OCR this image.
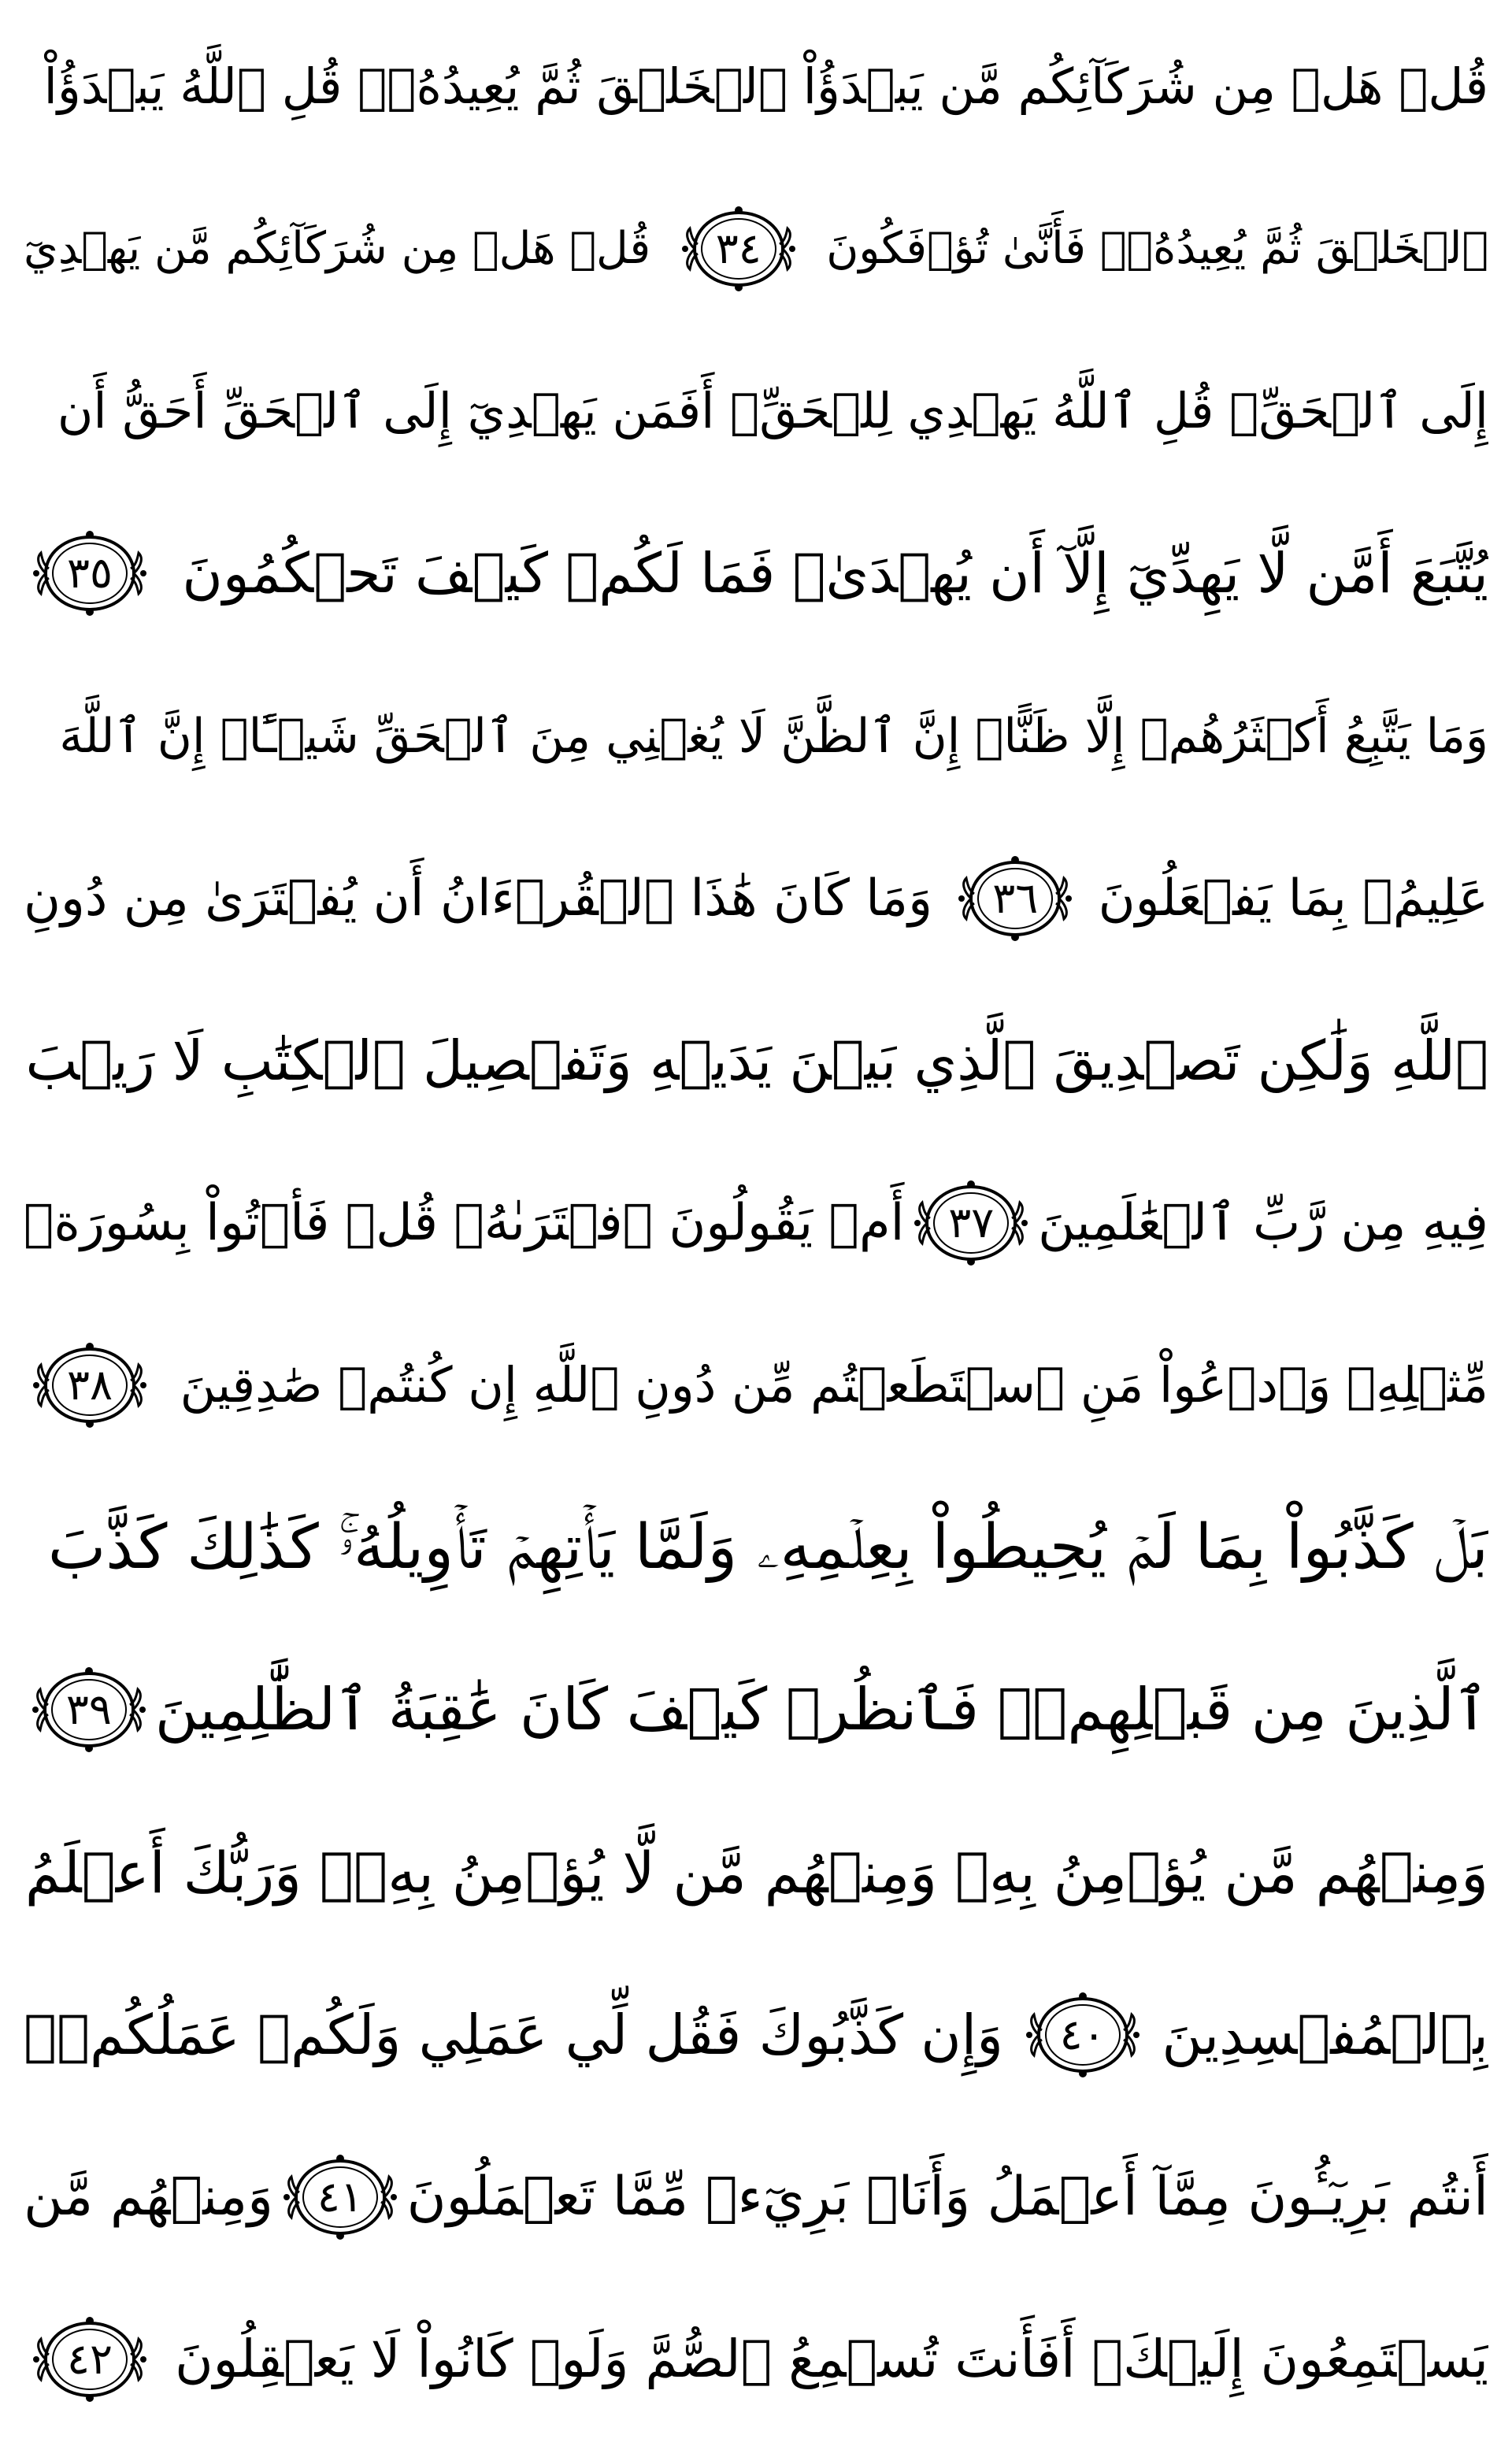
قُلۡ هَلۡ مِن شُرَكَآئِكُم مَّن يَبۡدَؤُاْ ٱلۡخَلۡقَ ثُمَّ يُعِيدُهُۥۚ قُلِ ٱللَّهُ يَبۡدَؤُاْ
ٱلۡخَلۡقَ ثُمَّ يُعِيدُهُۥۖ فَأَنَّىٰ تُؤۡفَكُونَ
٣٤
قُلۡ هَلۡ مِن شُرَكَآئِكُم مَّن يَهۡدِيٓ
إِلَى ٱلۡحَقِّۚ قُلِ ٱللَّهُ يَهۡدِي لِلۡحَقِّۗ أَفَمَن يَهۡدِيٓ إِلَى ٱلۡحَقِّ أَحَقُّ أَن
يُتَّبَعَ أَمَّن لَّا يَهِدِّيٓ إِلَّآ أَن يُهۡدَىٰۖ فَمَا لَكُمۡ كَيۡفَ تَحۡكُمُونَ
٣٥
وَمَا يَتَّبِعُ أَكۡثَرُهُمۡ إِلَّا ظَنًّاۚ إِنَّ ٱلظَّنَّ لَا يُغۡنِي مِنَ ٱلۡحَقِّ شَيۡـًٔاۚ إِنَّ ٱللَّهَ
عَلِيمُۢ بِمَا يَفۡعَلُونَ
٣٦
وَمَا كَانَ هَٰذَا ٱلۡقُرۡءَانُ أَن يُفۡتَرَىٰ مِن دُونِ
ٱللَّهِ وَلَٰكِن تَصۡدِيقَ ٱلَّذِي بَيۡنَ يَدَيۡهِ وَتَفۡصِيلَ ٱلۡكِتَٰبِ لَا رَيۡبَ
فِيهِ مِن رَّبِّ ٱلۡعَٰلَمِينَ
٣٧
أَمۡ يَقُولُونَ ٱفۡتَرَىٰهُۖ قُلۡ فَأۡتُواْ بِسُورَةٖ
مِّثۡلِهِۦ وَٱدۡعُواْ مَنِ ٱسۡتَطَعۡتُم مِّن دُونِ ٱللَّهِ إِن كُنتُمۡ صَٰدِقِينَ
٣٨
بَلۡ كَذَّبُواْ بِمَا لَمۡ يُحِيطُواْ بِعِلۡمِهِۦ وَلَمَّا يَأۡتِهِمۡ تَأۡوِيلُهُۥۚ كَذَٰلِكَ كَذَّبَ
ٱلَّذِينَ مِن قَبۡلِهِمۡۖ فَٱنظُرۡ كَيۡفَ كَانَ عَٰقِبَةُ ٱلظَّٰلِمِينَ
٣٩
وَمِنۡهُم مَّن يُؤۡمِنُ بِهِۦ وَمِنۡهُم مَّن لَّا يُؤۡمِنُ بِهِۦۚ وَرَبُّكَ أَعۡلَمُ
بِٱلۡمُفۡسِدِينَ
٤٠
وَإِن كَذَّبُوكَ فَقُل لِّي عَمَلِي وَلَكُمۡ عَمَلُكُمۡۖ
أَنتُم بَرِيٓـُٔونَ مِمَّآ أَعۡمَلُ وَأَنَا۠ بَرِيٓءٞ مِّمَّا تَعۡمَلُونَ
٤١
وَمِنۡهُم مَّن
يَسۡتَمِعُونَ إِلَيۡكَۚ أَفَأَنتَ تُسۡمِعُ ٱلصُّمَّ وَلَوۡ كَانُواْ لَا يَعۡقِلُونَ
٤٢
